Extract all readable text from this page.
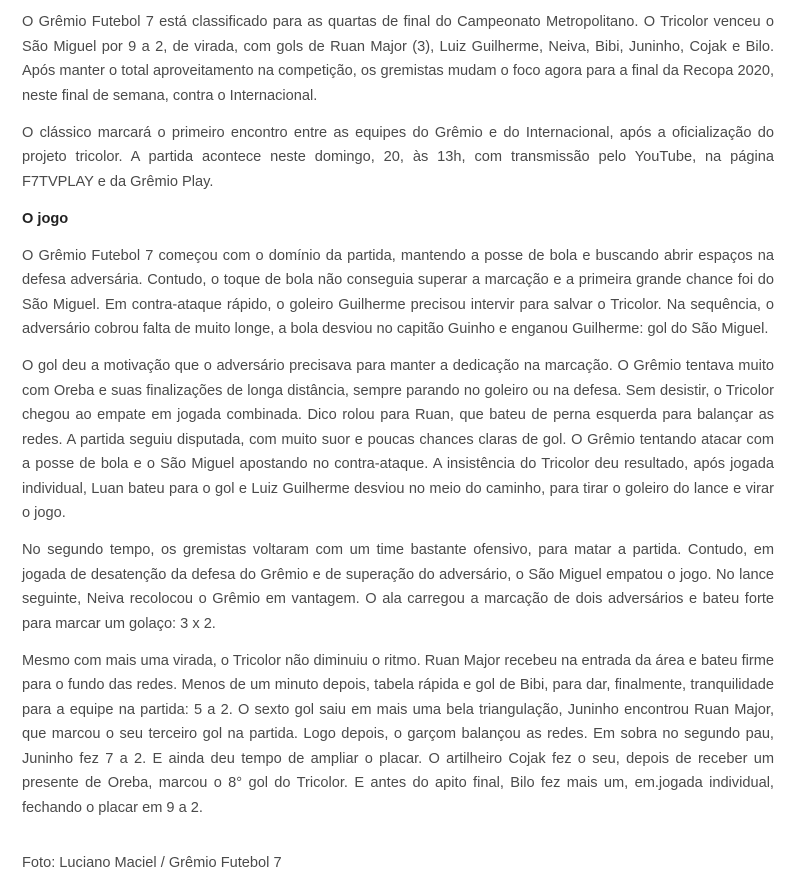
O Grêmio Futebol 7 está classificado para as quartas de final do Campeonato Metropolitano. O Tricolor venceu o São Miguel por 9 a 2, de virada, com gols de Ruan Major (3), Luiz Guilherme, Neiva, Bibi, Juninho, Cojak e Bilo. Após manter o total aproveitamento na competição, os gremistas mudam o foco agora para a final da Recopa 2020, neste final de semana, contra o Internacional.

O clássico marcará o primeiro encontro entre as equipes do Grêmio e do Internacional, após a oficialização do projeto tricolor. A partida acontece neste domingo, 20, às 13h, com transmissão pelo YouTube, na página F7TVPLAY e da Grêmio Play.

O jogo

O Grêmio Futebol 7 começou com o domínio da partida, mantendo a posse de bola e buscando abrir espaços na defesa adversária. Contudo, o toque de bola não conseguia superar a marcação e a primeira grande chance foi do São Miguel. Em contra-ataque rápido, o goleiro Guilherme precisou intervir para salvar o Tricolor. Na sequência, o adversário cobrou falta de muito longe, a bola desviou no capitão Guinho e enganou Guilherme: gol do São Miguel.

O gol deu a motivação que o adversário precisava para manter a dedicação na marcação. O Grêmio tentava muito com Oreba e suas finalizações de longa distância, sempre parando no goleiro ou na defesa. Sem desistir, o Tricolor chegou ao empate em jogada combinada. Dico rolou para Ruan, que bateu de perna esquerda para balançar as redes. A partida seguiu disputada, com muito suor e poucas chances claras de gol. O Grêmio tentando atacar com a posse de bola e o São Miguel apostando no contra-ataque. A insistência do Tricolor deu resultado, após jogada individual, Luan bateu para o gol e Luiz Guilherme desviou no meio do caminho, para tirar o goleiro do lance e virar o jogo.

No segundo tempo, os gremistas voltaram com um time bastante ofensivo, para matar a partida. Contudo, em jogada de desatenção da defesa do Grêmio e de superação do adversário, o São Miguel empatou o jogo. No lance seguinte, Neiva recolocou o Grêmio em vantagem. O ala carregou a marcação de dois adversários e bateu forte para marcar um golaço: 3 x 2.

Mesmo com mais uma virada, o Tricolor não diminuiu o ritmo. Ruan Major recebeu na entrada da área e bateu firme para o fundo das redes. Menos de um minuto depois, tabela rápida e gol de Bibi, para dar, finalmente, tranquilidade para a equipe na partida: 5 a 2. O sexto gol saiu em mais uma bela triangulação, Juninho encontrou Ruan Major, que marcou o seu terceiro gol na partida. Logo depois, o garçom balançou as redes. Em sobra no segundo pau, Juninho fez 7 a 2. E ainda deu tempo de ampliar o placar. O artilheiro Cojak fez o seu, depois de receber um presente de Oreba, marcou o 8° gol do Tricolor. E antes do apito final, Bilo fez mais um, em.jogada individual, fechando o placar em 9 a 2.

Foto: Luciano Maciel / Grêmio Futebol 7
